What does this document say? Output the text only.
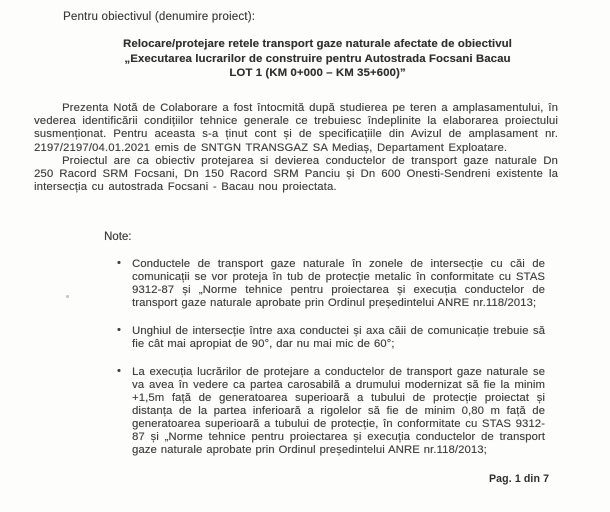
Pentru obiectivul (denumire proiect):
Relocare/protejare retele transport gaze naturale afectate de obiectivul
„Executarea lucrarilor de construire pentru Autostrada Focsani Bacau
LOT 1 (KM 0+000 – KM 35+600)”

Prezenta Notă de Colaborare a fost întocmită după studierea pe teren a amplasamentului, în vederea identificării condițiilor tehnice generale ce trebuiesc îndeplinite la elaborarea proiectului susmenționat. Pentru aceasta s-a ținut cont și de specificațiile din Avizul de amplasament nr. 2197/2197/04.01.2021 emis de SNTGN TRANSGAZ SA Mediaș, Departament Exploatare.

Proiectul are ca obiectiv protejarea si devierea conductelor de transport gaze naturale Dn 250 Racord SRM Focsani, Dn 150 Racord SRM Panciu și Dn 600 Onesti-Sendreni existente la intersecția cu autostrada Focsani - Bacau nou proiectata.

Note:
• Conductele de transport gaze naturale în zonele de intersecție cu căi de comunicații se vor proteja în tub de protecție metalic în conformitate cu STAS 9312-87 și „Norme tehnice pentru proiectarea și execuția conductelor de transport gaze naturale aprobate prin Ordinul președintelui ANRE nr.118/2013;
• Unghiul de intersecție între axa conductei și axa căii de comunicație trebuie să fie cât mai apropiat de 90°, dar nu mai mic de 60°;
• La execuția lucrărilor de protejare a conductelor de transport gaze naturale se va avea în vedere ca partea carosabilă a drumului modernizat să fie la minim +1,5m față de generatoarea superioară a tubului de protecție proiectat și distanța de la partea inferioară a rigolelor să fie de minim 0,80 m față de generatoarea superioară a tubului de protecție, în conformitate cu STAS 9312-87 și „Norme tehnice pentru proiectarea și execuția conductelor de transport gaze naturale aprobate prin Ordinul președintelui ANRE nr.118/2013;
Pag. 1 din 7
